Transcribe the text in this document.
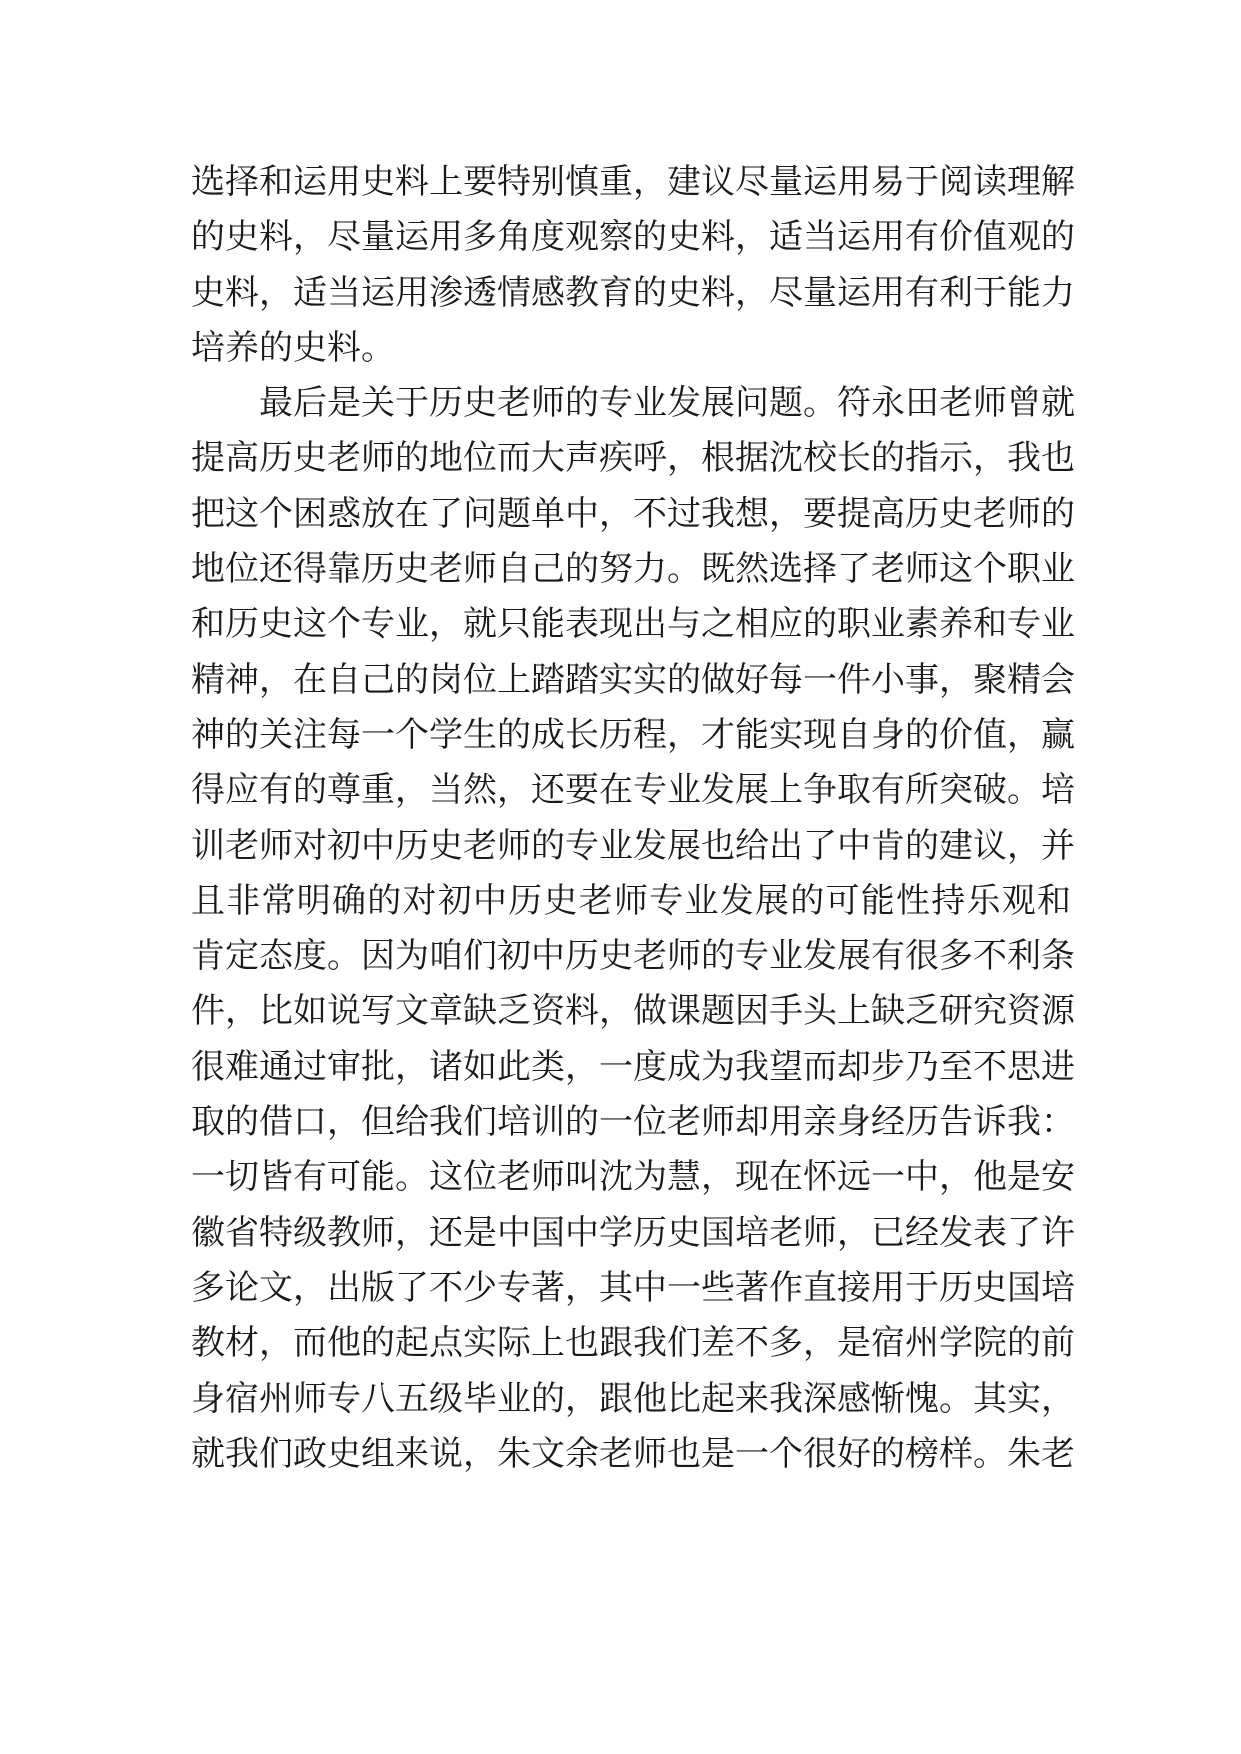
选择和运用史料上要特别慎重，建议尽量运用易于阅读理解
的史料，尽量运用多角度观察的史料，适当运用有价值观的
史料，适当运用渗透情感教育的史料，尽量运用有利于能力
培养的史料。
最后是关于历史老师的专业发展问题。符永田老师曾就
提高历史老师的地位而大声疾呼，根据沈校长的指示，我也
把这个困惑放在了问题单中，不过我想，要提高历史老师的
地位还得靠历史老师自己的努力。既然选择了老师这个职业
和历史这个专业，就只能表现出与之相应的职业素养和专业
精神，在自己的岗位上踏踏实实的做好每一件小事，聚精会
神的关注每一个学生的成长历程，才能实现自身的价值，赢
得应有的尊重，当然，还要在专业发展上争取有所突破。培
训老师对初中历史老师的专业发展也给出了中肯的建议，并
且非常明确的对初中历史老师专业发展的可能性持乐观和
肯定态度。因为咱们初中历史老师的专业发展有很多不利条
件，比如说写文章缺乏资料，做课题因手头上缺乏研究资源
很难通过审批，诸如此类，一度成为我望而却步乃至不思进
取的借口，但给我们培训的一位老师却用亲身经历告诉我：
一切皆有可能。这位老师叫沈为慧，现在怀远一中，他是安
徽省特级教师，还是中国中学历史国培老师，已经发表了许
多论文，出版了不少专著，其中一些著作直接用于历史国培
教材，而他的起点实际上也跟我们差不多，是宿州学院的前
身宿州师专八五级毕业的，跟他比起来我深感惭愧。其实，
就我们政史组来说，朱文余老师也是一个很好的榜样。朱老
